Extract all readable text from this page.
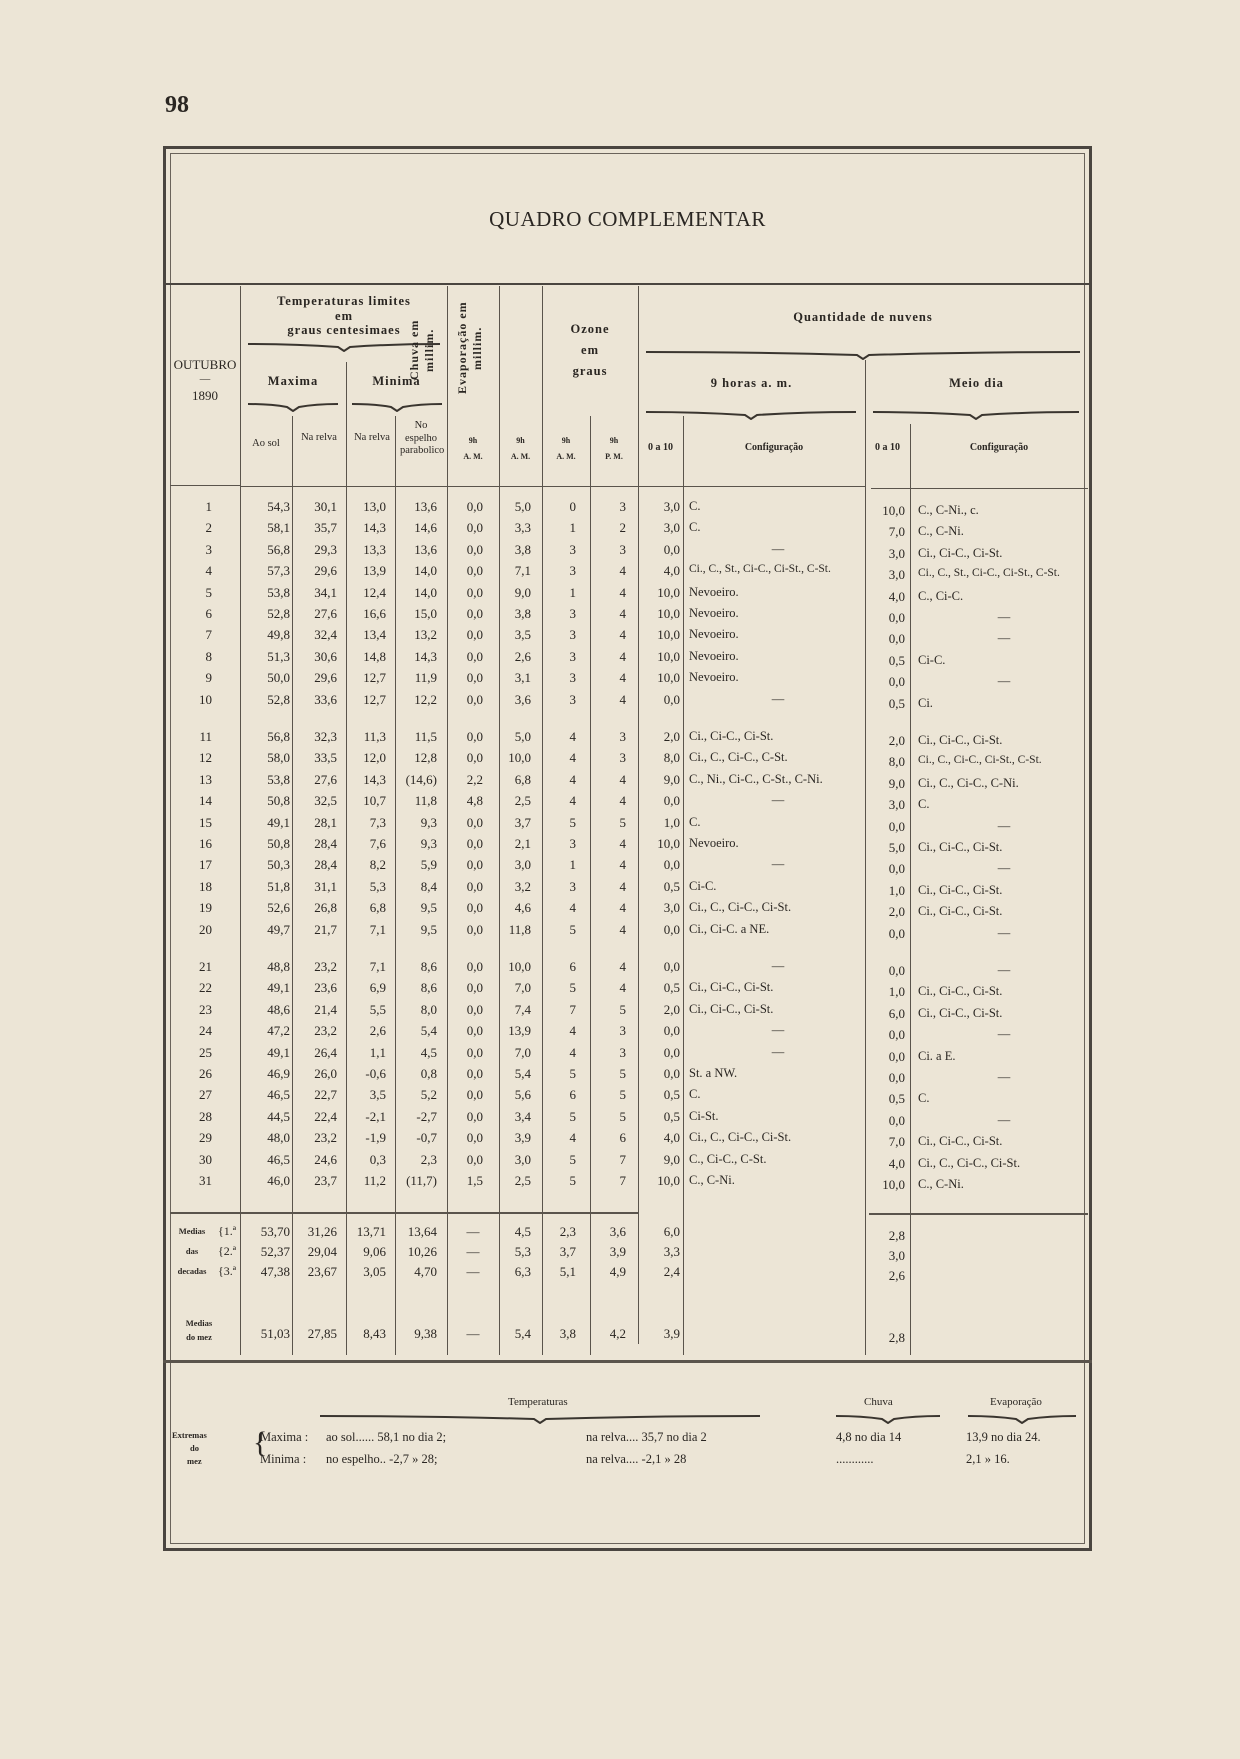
98
QUADRO COMPLEMENTAR
OUTUBRO
—
1890
Temperaturas limites
em
graus centesimaes
Maxima	Minima
Ao sol
Na relva	Na relva
No espelho parabolico
Chuva em millim. Evaporação em millim.
9h
A. M.
9h
A. M.
Ozone
em
graus
9h
A. M.
9h
P. M.
Quantidade de nuvens
9 horas a. m.	Meio dia
0 a 10	Configuração	0 a 10	Configuração
1	54,3	30,1	13,0	13,6	0,0	5,0	0	3	3,0 C.	10,0 C., C-Ni., c.
2	58,1	35,7	14,3	14,6	0,0	3,3	1	2	3,0 C.	7,0 C., C-Ni.
3	56,8	29,3	13,3	13,6	0,0	3,8	3	3	0,0	—	3,0 Ci., Ci-C., Ci-St.
4	57,3	29,6	13,9	14,0	0,0	7,1	3	4	4,0 Ci., C., St., Ci-C., Ci-St., C-St.	3,0 Ci., C., St., Ci-C., Ci-St., C-St.
5	53,8	34,1	12,4	14,0	0,0	9,0	1	4	10,0 Nevoeiro.	4,0 C., Ci-C.
6	52,8	27,6	16,6	15,0	0,0	3,8	3	4	10,0 Nevoeiro.	0,0	—
7	49,8	32,4	13,4	13,2	0,0	3,5	3	4	10,0 Nevoeiro.	0,0	—
8	51,3	30,6	14,8	14,3	0,0	2,6	3	4	10,0 Nevoeiro.	0,5 Ci-C.
9	50,0	29,6	12,7	11,9	0,0	3,1	3	4	10,0 Nevoeiro.	0,0	—
10	52,8	33,6	12,7	12,2	0,0	3,6	3	4	0,0	—	0,5 Ci.
11	56,8	32,3	11,3	11,5	0,0	5,0	4	3	2,0 Ci., Ci-C., Ci-St.	2,0 Ci., Ci-C., Ci-St.
12	58,0	33,5	12,0	12,8	0,0	10,0	4	3	8,0 Ci., C., Ci-C., C-St.	8,0 Ci., C., Ci-C., Ci-St., C-St.
13	53,8	27,6	14,3	(14,6)	2,2	6,8	4	4	9,0 C., Ni., Ci-C., C-St., C-Ni.	9,0 Ci., C., Ci-C., C-Ni.
14	50,8	32,5	10,7	11,8	4,8	2,5	4	4	0,0	—	3,0 C.
15	49,1	28,1	7,3	9,3	0,0	3,7	5	5	1,0 C.	0,0	—
16	50,8	28,4	7,6	9,3	0,0	2,1	3	4	10,0 Nevoeiro.	5,0 Ci., Ci-C., Ci-St.
17	50,3	28,4	8,2	5,9	0,0	3,0	1	4	0,0	—	0,0	—
18	51,8	31,1	5,3	8,4	0,0	3,2	3	4	0,5 Ci-C.	1,0 Ci., Ci-C., Ci-St.
19	52,6	26,8	6,8	9,5	0,0	4,6	4	4	3,0 Ci., C., Ci-C., Ci-St.	2,0 Ci., Ci-C., Ci-St.
20	49,7	21,7	7,1	9,5	0,0	11,8	5	4	0,0 Ci., Ci-C. a NE.	0,0	—
21	48,8	23,2	7,1	8,6	0,0	10,0	6	4	0,0	—	0,0	—
22	49,1	23,6	6,9	8,6	0,0	7,0	5	4	0,5 Ci., Ci-C., Ci-St.	1,0 Ci., Ci-C., Ci-St.
23	48,6	21,4	5,5	8,0	0,0	7,4	7	5	2,0 Ci., Ci-C., Ci-St.	6,0 Ci., Ci-C., Ci-St.
24	47,2	23,2	2,6	5,4	0,0	13,9	4	3	0,0	—	0,0	—
25	49,1	26,4	1,1	4,5	0,0	7,0	4	3	0,0	—	0,0 Ci. a E.
26	46,9	26,0	-0,6	0,8	0,0	5,4	5	5	0,0 St. a NW.	0,0	—
27	46,5	22,7	3,5	5,2	0,0	5,6	6	5	0,5 C.	0,5 C.
28	44,5	22,4	-2,1	-2,7	0,0	3,4	5	5	0,5 Ci-St.	0,0	—
29	48,0	23,2	-1,9	-0,7	0,0	3,9	4	6	4,0 Ci., C., Ci-C., Ci-St.	7,0 Ci., Ci-C., Ci-St.
30	46,5	24,6	0,3	2,3	0,0	3,0	5	7	9,0 C., Ci-C., C-St.	4,0 Ci., C., Ci-C., Ci-St.
31	46,0	23,7	11,2	(11,7)	1,5	2,5	5	7	10,0 C., C-Ni.	10,0 C., C-Ni.
Medias
das
decadas
{1.ª	53,70	31,26	13,71	13,64	—	4,5	2,3	3,6	6,0	2,8
{2.ª	52,37	29,04	9,06	10,26	—	5,3	3,7	3,9	3,3	3,0
{3.ª	47,38	23,67	3,05	4,70	—	6,3	5,1	4,9	2,4	2,6
Medias
do mez	51,03	27,85	8,43	9,38	—	5,4	3,8	4,2	3,9	2,8
Temperaturas	Chuva	Evaporação
Extremas
do
mez
{
Maxima : ao sol...... 58,1 no dia 2;	na relva.... 35,7 no dia 2	4,8 no dia 14	13,9 no dia 24.
Minima : no espelho.. -2,7 » 28;	na relva.... -2,1 » 28	............	2,1 » 16.
